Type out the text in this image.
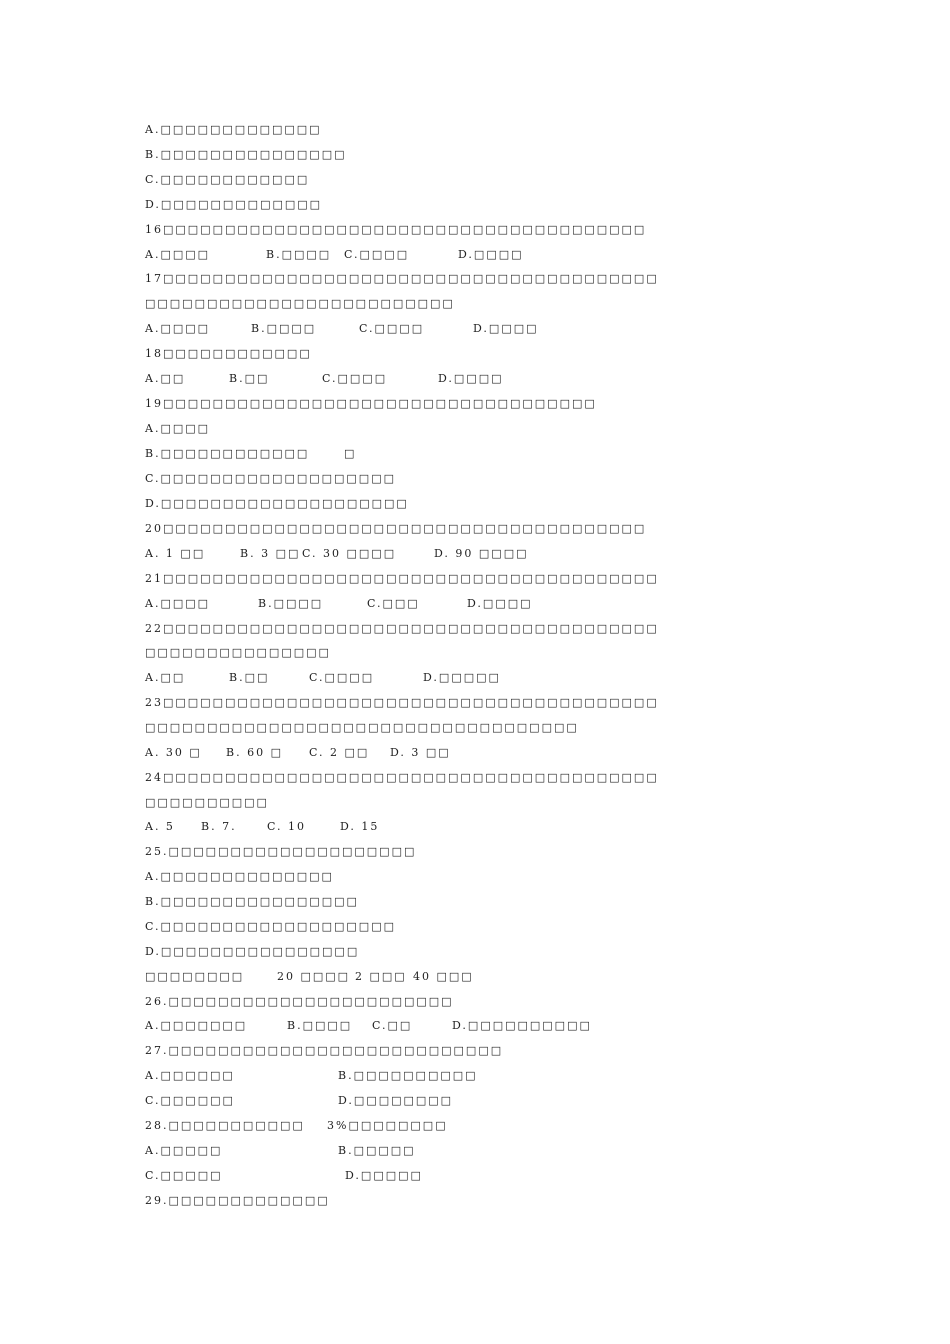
A.□□□□□□□□□□□□□
B.□□□□□□□□□□□□□□□
C.□□□□□□□□□□□□
D.□□□□□□□□□□□□□
16□□□□□□□□□□□□□□□□□□□□□□□□□□□□□□□□□□□□□□□
A.□□□□	B.□□□□ C.□□□□	D.□□□□
17□□□□□□□□□□□□□□□□□□□□□□□□□□□□□□□□□□□□□□□□
□□□□□□□□□□□□□□□□□□□□□□□□□
A.□□□□	B.□□□□	C.□□□□	D.□□□□
18□□□□□□□□□□□□
A.□□	B.□□	C.□□□□	D.□□□□
19□□□□□□□□□□□□□□□□□□□□□□□□□□□□□□□□□□□
A.□□□□
B.□□□□□□□□□□□□	□
C.□□□□□□□□□□□□□□□□□□□
D.□□□□□□□□□□□□□□□□□□□□
20□□□□□□□□□□□□□□□□□□□□□□□□□□□□□□□□□□□□□□□
A. 1 □□	B. 3 □□ C. 30 □□□□	D. 90 □□□□
21□□□□□□□□□□□□□□□□□□□□□□□□□□□□□□□□□□□□□□□□
A.□□□□	B.□□□□	C.□□□	D.□□□□
22□□□□□□□□□□□□□□□□□□□□□□□□□□□□□□□□□□□□□□□□
□□□□□□□□□□□□□□□
A.□□	B.□□	C.□□□□	D.□□□□□
23□□□□□□□□□□□□□□□□□□□□□□□□□□□□□□□□□□□□□□□□
□□□□□□□□□□□□□□□□□□□□□□□□□□□□□□□□□□□
A. 30 □ B. 60 □ C. 2 □□ D. 3 □□
24□□□□□□□□□□□□□□□□□□□□□□□□□□□□□□□□□□□□□□□□
□□□□□□□□□□
A. 5 B. 7.	C. 10	D. 15
25.□□□□□□□□□□□□□□□□□□□□
A.□□□□□□□□□□□□□□
B.□□□□□□□□□□□□□□□□
C.□□□□□□□□□□□□□□□□□□□
D.□□□□□□□□□□□□□□□□
□□□□□□□□	20 □□□□ 2 □□□ 40 □□□
26.□□□□□□□□□□□□□□□□□□□□□□□
A.□□□□□□□	B.□□□□ C.□□	D.□□□□□□□□□□
27.□□□□□□□□□□□□□□□□□□□□□□□□□□□
A.□□□□□□	B.□□□□□□□□□□
C.□□□□□□	D.□□□□□□□□
28.□□□□□□□□□□□ 3%□□□□□□□□
A.□□□□□	B.□□□□□
C.□□□□□	D.□□□□□
29.□□□□□□□□□□□□□
